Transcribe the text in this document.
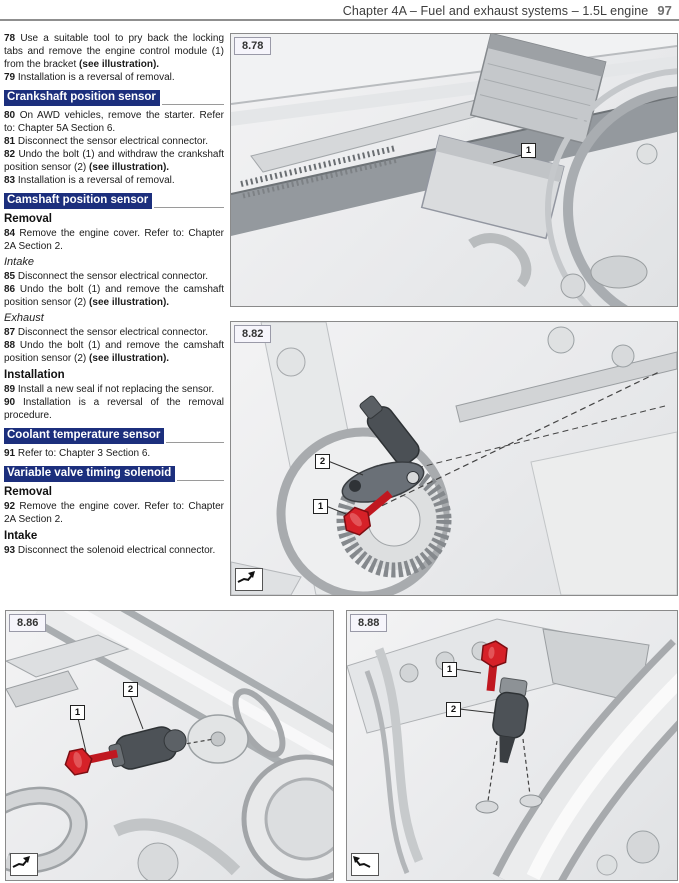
Chapter 4A – Fuel and exhaust systems – 1.5L engine 97

78 Use a suitable tool to pry back the locking tabs and remove the engine control module (1) from the bracket (see illustration).

79 Installation is a reversal of removal.

Crankshaft position sensor

80 On AWD vehicles, remove the starter. Refer to: Chapter 5A Section 6.

81 Disconnect the sensor electrical connector.

82 Undo the bolt (1) and withdraw the crankshaft position sensor (2) (see illustration).

83 Installation is a reversal of removal.

Camshaft position sensor
Removal

84 Remove the engine cover. Refer to: Chapter 2A Section 2.

Intake

85 Disconnect the sensor electrical connector.

86 Undo the bolt (1) and remove the camshaft position sensor (2) (see illustration).

Exhaust

87 Disconnect the sensor electrical connector.

88 Undo the bolt (1) and remove the camshaft position sensor (2) (see illustration).

Installation

89 Install a new seal if not replacing the sensor.

90 Installation is a reversal of the removal procedure.

Coolant temperature sensor

91 Refer to: Chapter 3 Section 6.

Variable valve timing solenoid
Removal

92 Remove the engine cover. Refer to: Chapter 2A Section 2.

Intake

93 Disconnect the solenoid electrical connector.

8.78
1
8.82
2
1
8.86
1
2
8.88
1
2
